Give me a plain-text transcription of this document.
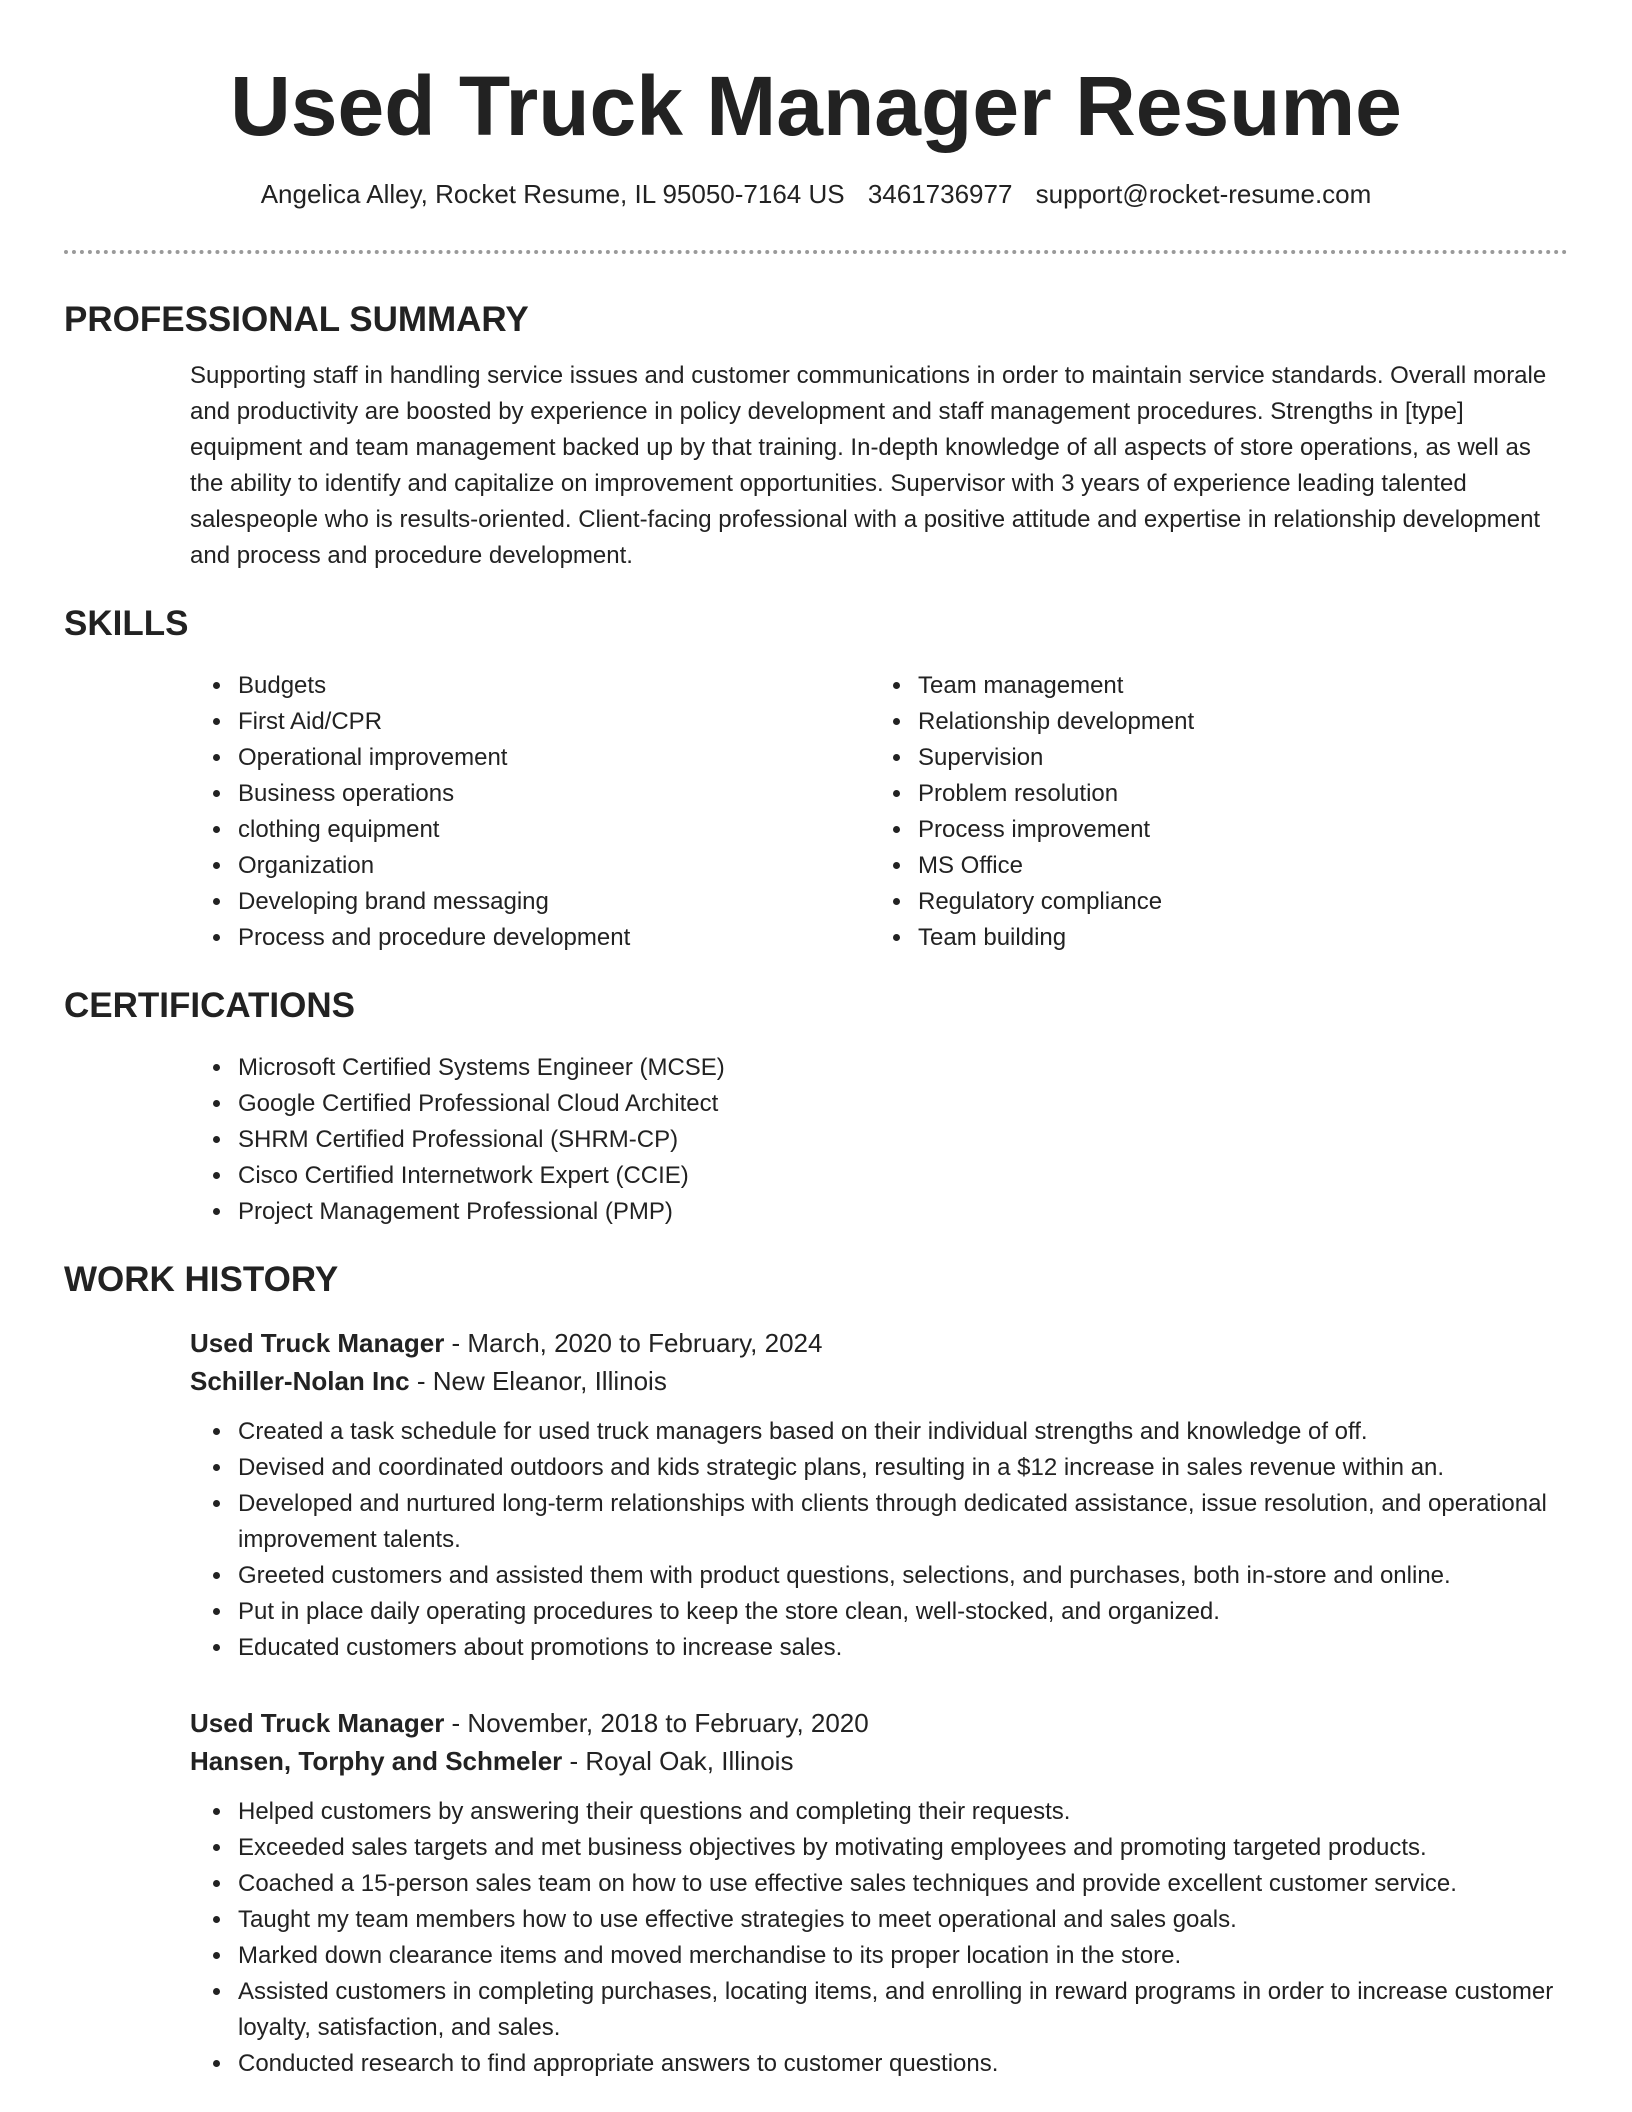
Used Truck Manager Resume
Angelica Alley, Rocket Resume, IL 95050-7164 US 3461736977 support@rocket-resume.com
PROFESSIONAL SUMMARY

Supporting staff in handling service issues and customer communications in order to maintain service standards. Overall morale and productivity are boosted by experience in policy development and staff management procedures. Strengths in [type] equipment and team management backed up by that training. In-depth knowledge of all aspects of store operations, as well as the ability to identify and capitalize on improvement opportunities. Supervisor with 3 years of experience leading talented salespeople who is results-oriented. Client-facing professional with a positive attitude and expertise in relationship development and process and procedure development.

SKILLS
• Budgets
• First Aid/CPR
• Operational improvement
• Business operations
• clothing equipment
• Organization
• Developing brand messaging
• Process and procedure development
• Team management
• Relationship development
• Supervision
• Problem resolution
• Process improvement
• MS Office
• Regulatory compliance
• Team building
CERTIFICATIONS
• Microsoft Certified Systems Engineer (MCSE)
• Google Certified Professional Cloud Architect
• SHRM Certified Professional (SHRM-CP)
• Cisco Certified Internetwork Expert (CCIE)
• Project Management Professional (PMP)
WORK HISTORY
Used Truck Manager - March, 2020 to February, 2024
Schiller-Nolan Inc - New Eleanor, Illinois
• Created a task schedule for used truck managers based on their individual strengths and knowledge of off.
• Devised and coordinated outdoors and kids strategic plans, resulting in a $12 increase in sales revenue within an.
• Developed and nurtured long-term relationships with clients through dedicated assistance, issue resolution, and operational improvement talents.
• Greeted customers and assisted them with product questions, selections, and purchases, both in-store and online.
• Put in place daily operating procedures to keep the store clean, well-stocked, and organized.
• Educated customers about promotions to increase sales.
Used Truck Manager - November, 2018 to February, 2020
Hansen, Torphy and Schmeler - Royal Oak, Illinois
• Helped customers by answering their questions and completing their requests.
• Exceeded sales targets and met business objectives by motivating employees and promoting targeted products.
• Coached a 15-person sales team on how to use effective sales techniques and provide excellent customer service.
• Taught my team members how to use effective strategies to meet operational and sales goals.
• Marked down clearance items and moved merchandise to its proper location in the store.
• Assisted customers in completing purchases, locating items, and enrolling in reward programs in order to increase customer loyalty, satisfaction, and sales.
• Conducted research to find appropriate answers to customer questions.
